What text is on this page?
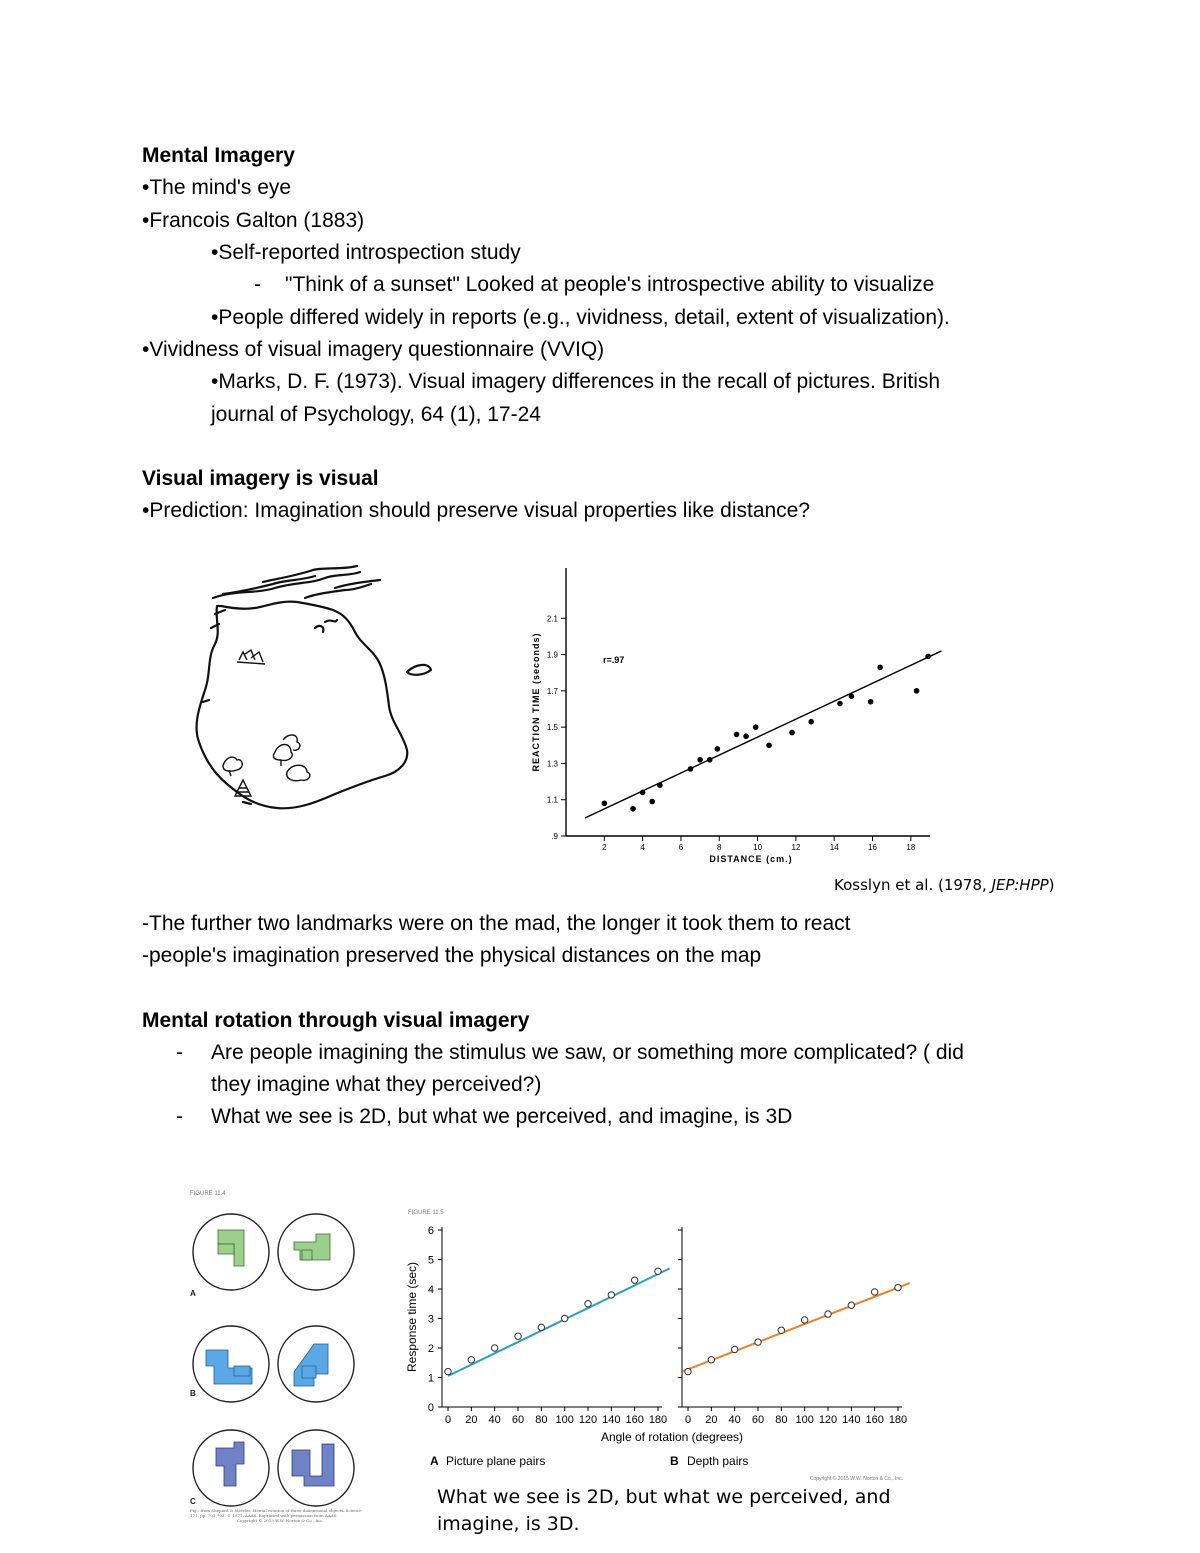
Mental Imagery
•The mind's eye
•Francois Galton (1883)
•Self-reported introspection study
- "Think of a sunset" Looked at people's introspective ability to visualize
•People differed widely in reports (e.g., vividness, detail, extent of visualization).
•Vividness of visual imagery questionnaire (VVIQ)
•Marks, D. F. (1973). Visual imagery differences in the recall of pictures. British
journal of Psychology, 64 (1), 17-24
Visual imagery is visual
•Prediction: Imagination should preserve visual properties like distance?
2	4	6	8	10	12	14	16	18
.9
1.1
1.3
1.5
1.7
1.9
2.1
r=.97
DISTANCE (cm.)
REACTION TIME (seconds)
Kosslyn et al. (1978, JEP:HPP)
-The further two landmarks were on the mad, the longer it took them to react
-people's imagination preserved the physical distances on the map
Mental rotation through visual imagery
- Are people imagining the stimulus we saw, or something more complicated? ( did
they imagine what they perceived?)
- What we see is 2D, but what we perceived, and imagine, is 3D
FIGURE 11.4
A
B
C
Fig.: from Shepard & Metzler, Mental rotation of three-dimensional objects. Science 171, pp. 701-703. © 1971. AAAS. Reprinted with permission from AAAS.
Copyright © 2015 W.W. Norton & Co., Inc.
FIGURE 11.5
0 20 40 60 80 100 120 140 160 180
0
1
2
3
4
5
6
0 20 40 60 80 100 120 140 160 180
Response time (sec)
Angle of rotation (degrees)
A Picture plane pairs	B Depth pairs
Copyright © 2015 W.W. Norton & Co., Inc.
What we see is 2D, but what we perceived, and
imagine, is 3D.
